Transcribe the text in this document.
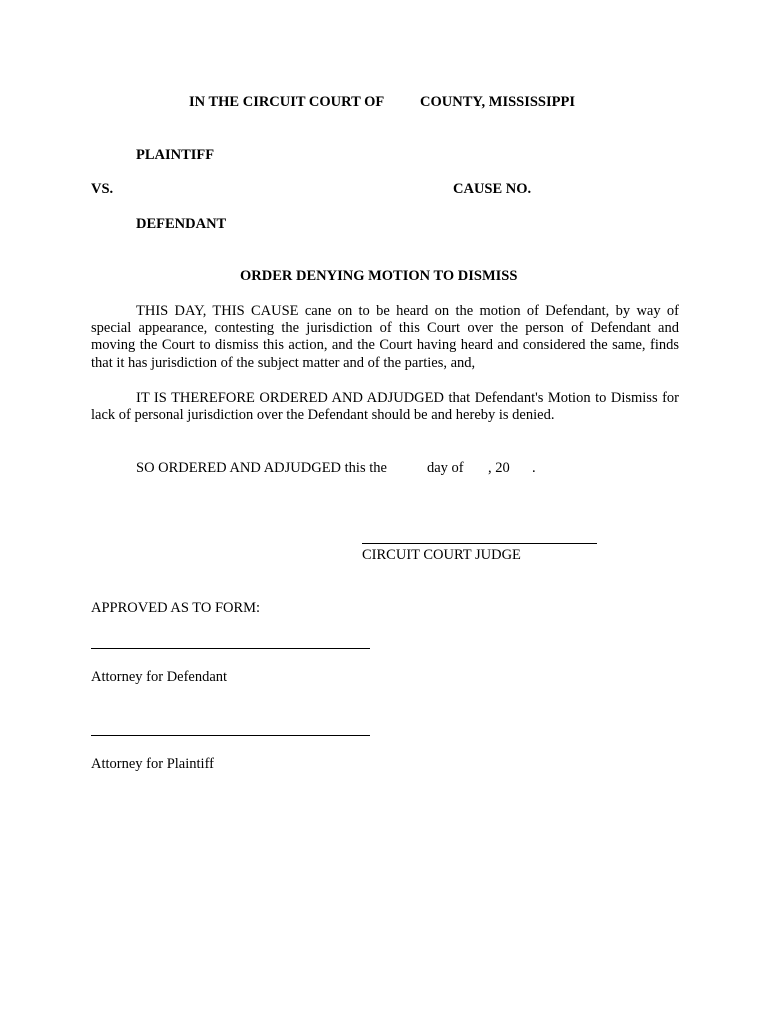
IN THE CIRCUIT COURT OF COUNTY, MISSISSIPPI
PLAINTIFF
VS.	CAUSE NO.
DEFENDANT
ORDER DENYING MOTION TO DISMISS
THIS DAY, THIS CAUSE cane on to be heard on the motion of Defendant, by way of special appearance, contesting the jurisdiction of this Court over the person of Defendant and moving the Court to dismiss this action, and the Court having heard and considered the same, finds that it has jurisdiction of the subject matter and of the parties, and,
IT IS THEREFORE ORDERED AND ADJUDGED that Defendant's Motion to Dismiss for lack of personal jurisdiction over the Defendant should be and hereby is denied.
SO ORDERED AND ADJUDGED this the	day of , 20 .
CIRCUIT COURT JUDGE
APPROVED AS TO FORM:
Attorney for Defendant
Attorney for Plaintiff
